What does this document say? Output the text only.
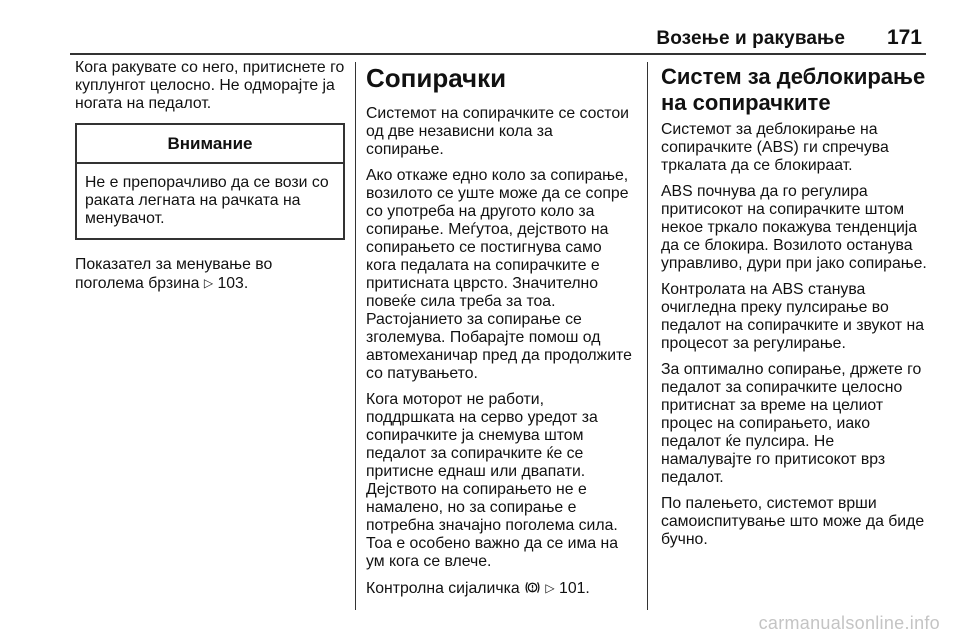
Возење и ракување 171

Кога ракувате со него, притиснете го куплунгот целосно. Не одморајте ја ногата на педалот.

Внимание
Не е препорачливо да се вози со раката легната на рачката на менувачот.

Показател за менување во поголема брзина ▷ 103.

Сопирачки

Системот на сопирачките се состои од две независни кола за сопирање.

Ако откаже едно коло за сопирање, возилото се уште може да се сопре со употреба на другото коло за сопирање. Меѓутоа, дејството на сопирањето се постигнува само кога педалата на сопирачките е притисната цврсто. Значително повеќе сила треба за тоа. Растојанието за сопирање се зголемува. Побарајте помош од автомеханичар пред да продолжите со патувањето.

Кога моторот не работи, поддршката на серво уредот за сопирачките ја снемува штом педалот за сопирачките ќе се притисне еднаш или двапати. Дејството на сопирањето не е намалено, но за сопирање е потребна значајно поголема сила. Тоа е особено важно да се има на ум кога се влече.

Контролна сијаличка ▷ 101.

Систем за деблокирање на сопирачките

Системот за деблокирање на сопирачките (ABS) ги спречува тркалата да се блокираат.

ABS почнува да го регулира притисокот на сопирачките штом некое тркало покажува тенденција да се блокира. Возилото останува управливо, дури при јако сопирање.

Контролата на ABS станува очигледна преку пулсирање во педалот на сопирачките и звукот на процесот за регулирање.

За оптимално сопирање, држете го педалот за сопирачките целосно притиснат за време на целиот процес на сопирањето, иако педалот ќе пулсира. Не намалувајте го притисокот врз педалот.

По палењето, системот врши самоиспитување што може да биде бучно.

carmanualsonline.info
